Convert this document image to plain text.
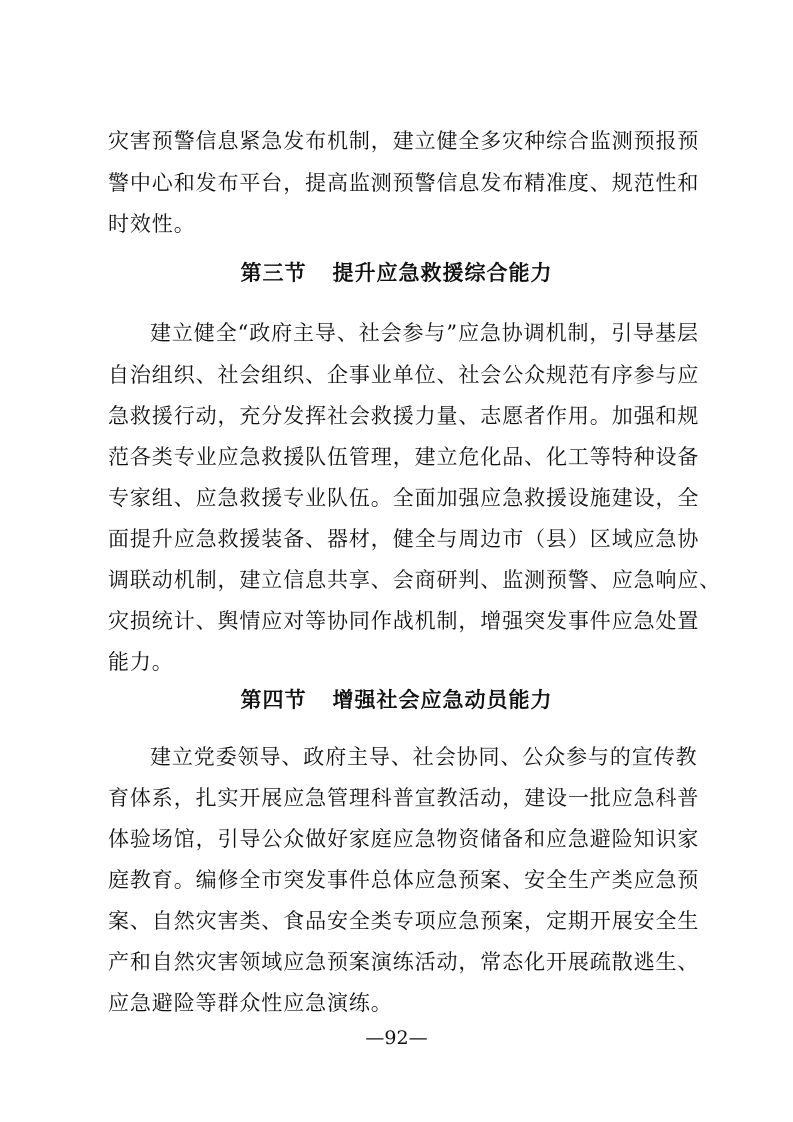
灾害预警信息紧急发布机制，建立健全多灾种综合监测预报预
警中心和发布平台，提高监测预警信息发布精准度、规范性和
时效性。
第三节 提升应急救援综合能力
建立健全“政府主导、社会参与”应急协调机制，引导基层
自治组织、社会组织、企事业单位、社会公众规范有序参与应
急救援行动，充分发挥社会救援力量、志愿者作用。加强和规
范各类专业应急救援队伍管理，建立危化品、化工等特种设备
专家组、应急救援专业队伍。全面加强应急救援设施建设，全
面提升应急救援装备、器材，健全与周边市（县）区域应急协
调联动机制，建立信息共享、会商研判、监测预警、应急响应、
灾损统计、舆情应对等协同作战机制，增强突发事件应急处置
能力。
第四节 增强社会应急动员能力
建立党委领导、政府主导、社会协同、公众参与的宣传教
育体系，扎实开展应急管理科普宣教活动，建设一批应急科普
体验场馆，引导公众做好家庭应急物资储备和应急避险知识家
庭教育。编修全市突发事件总体应急预案、安全生产类应急预
案、自然灾害类、食品安全类专项应急预案，定期开展安全生
产和自然灾害领域应急预案演练活动，常态化开展疏散逃生、
应急避险等群众性应急演练。
—92—
